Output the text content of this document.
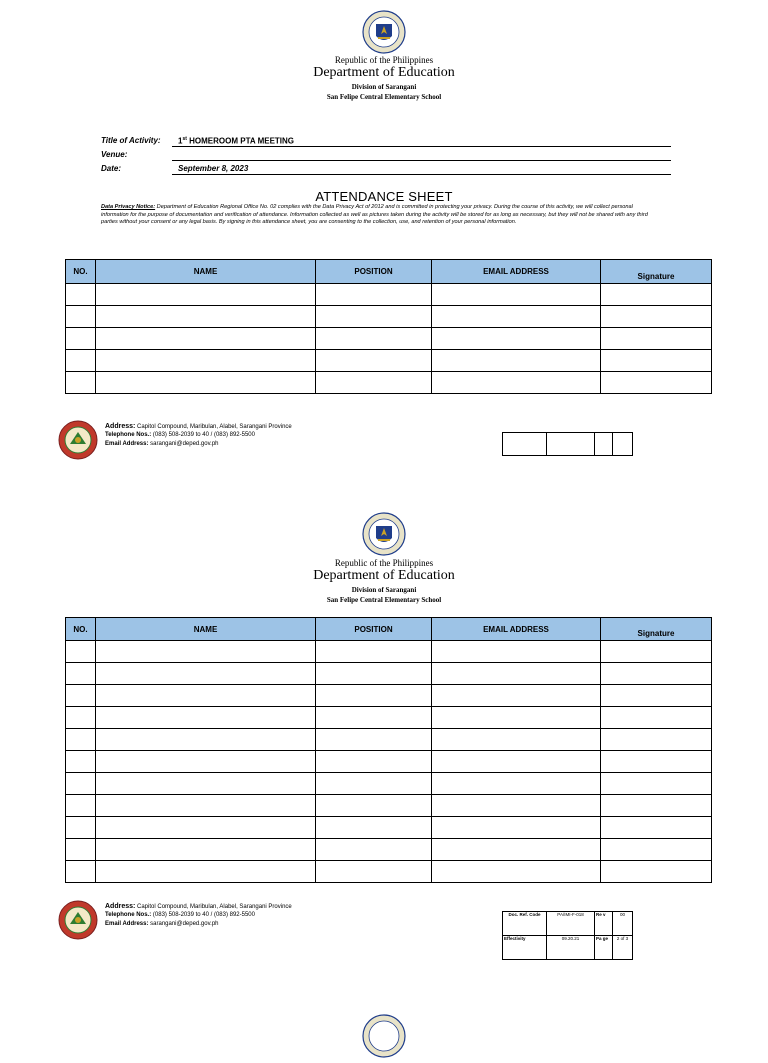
Republic of the Philippines
Department of Education
Division of Sarangani
San Felipe Central Elementary School
Title of Activity: 1st HOMEROOM PTA MEETING
Venue:
Date:	September 8, 2023
ATTENDANCE SHEET
Data Privacy Notice: Department of Education Regional Office No. 02 complies with the Data Privacy Act of 2012 and is committed in protecting your privacy. During the course of this activity, we will collect personal information for the purpose of documentation and verification of attendance. Information collected as well as pictures taken during the activity will be stored for as long as necessary, but they will not be shared with any third parties without your consent or any legal basis. By signing in this attendance sheet, you are consenting to the collection, use, and retention of your personal information.
NO.	NAME	POSITION	EMAIL ADDRESS	Signature

Address: Capitol Compound, Maribulan, Alabel, Sarangani Province
Telephone Nos.: (083) 508-2039 to 40 / (083) 892-5500
Email Address: sarangani@deped.gov.ph

Republic of the Philippines
Department of Education
Division of Sarangani
San Felipe Central Elementary School
NO.	NAME	POSITION	EMAIL ADDRESS	Signature

Address: Capitol Compound, Maribulan, Alabel, Sarangani Province
Telephone Nos.: (083) 508-2039 to 40 / (083) 892-5500
Email Address: sarangani@deped.gov.ph
Doc. Ref. Code	PA/IMI-F-018	Re v	00
Effectivity	09.20.21	Pa ge	2 of 3
